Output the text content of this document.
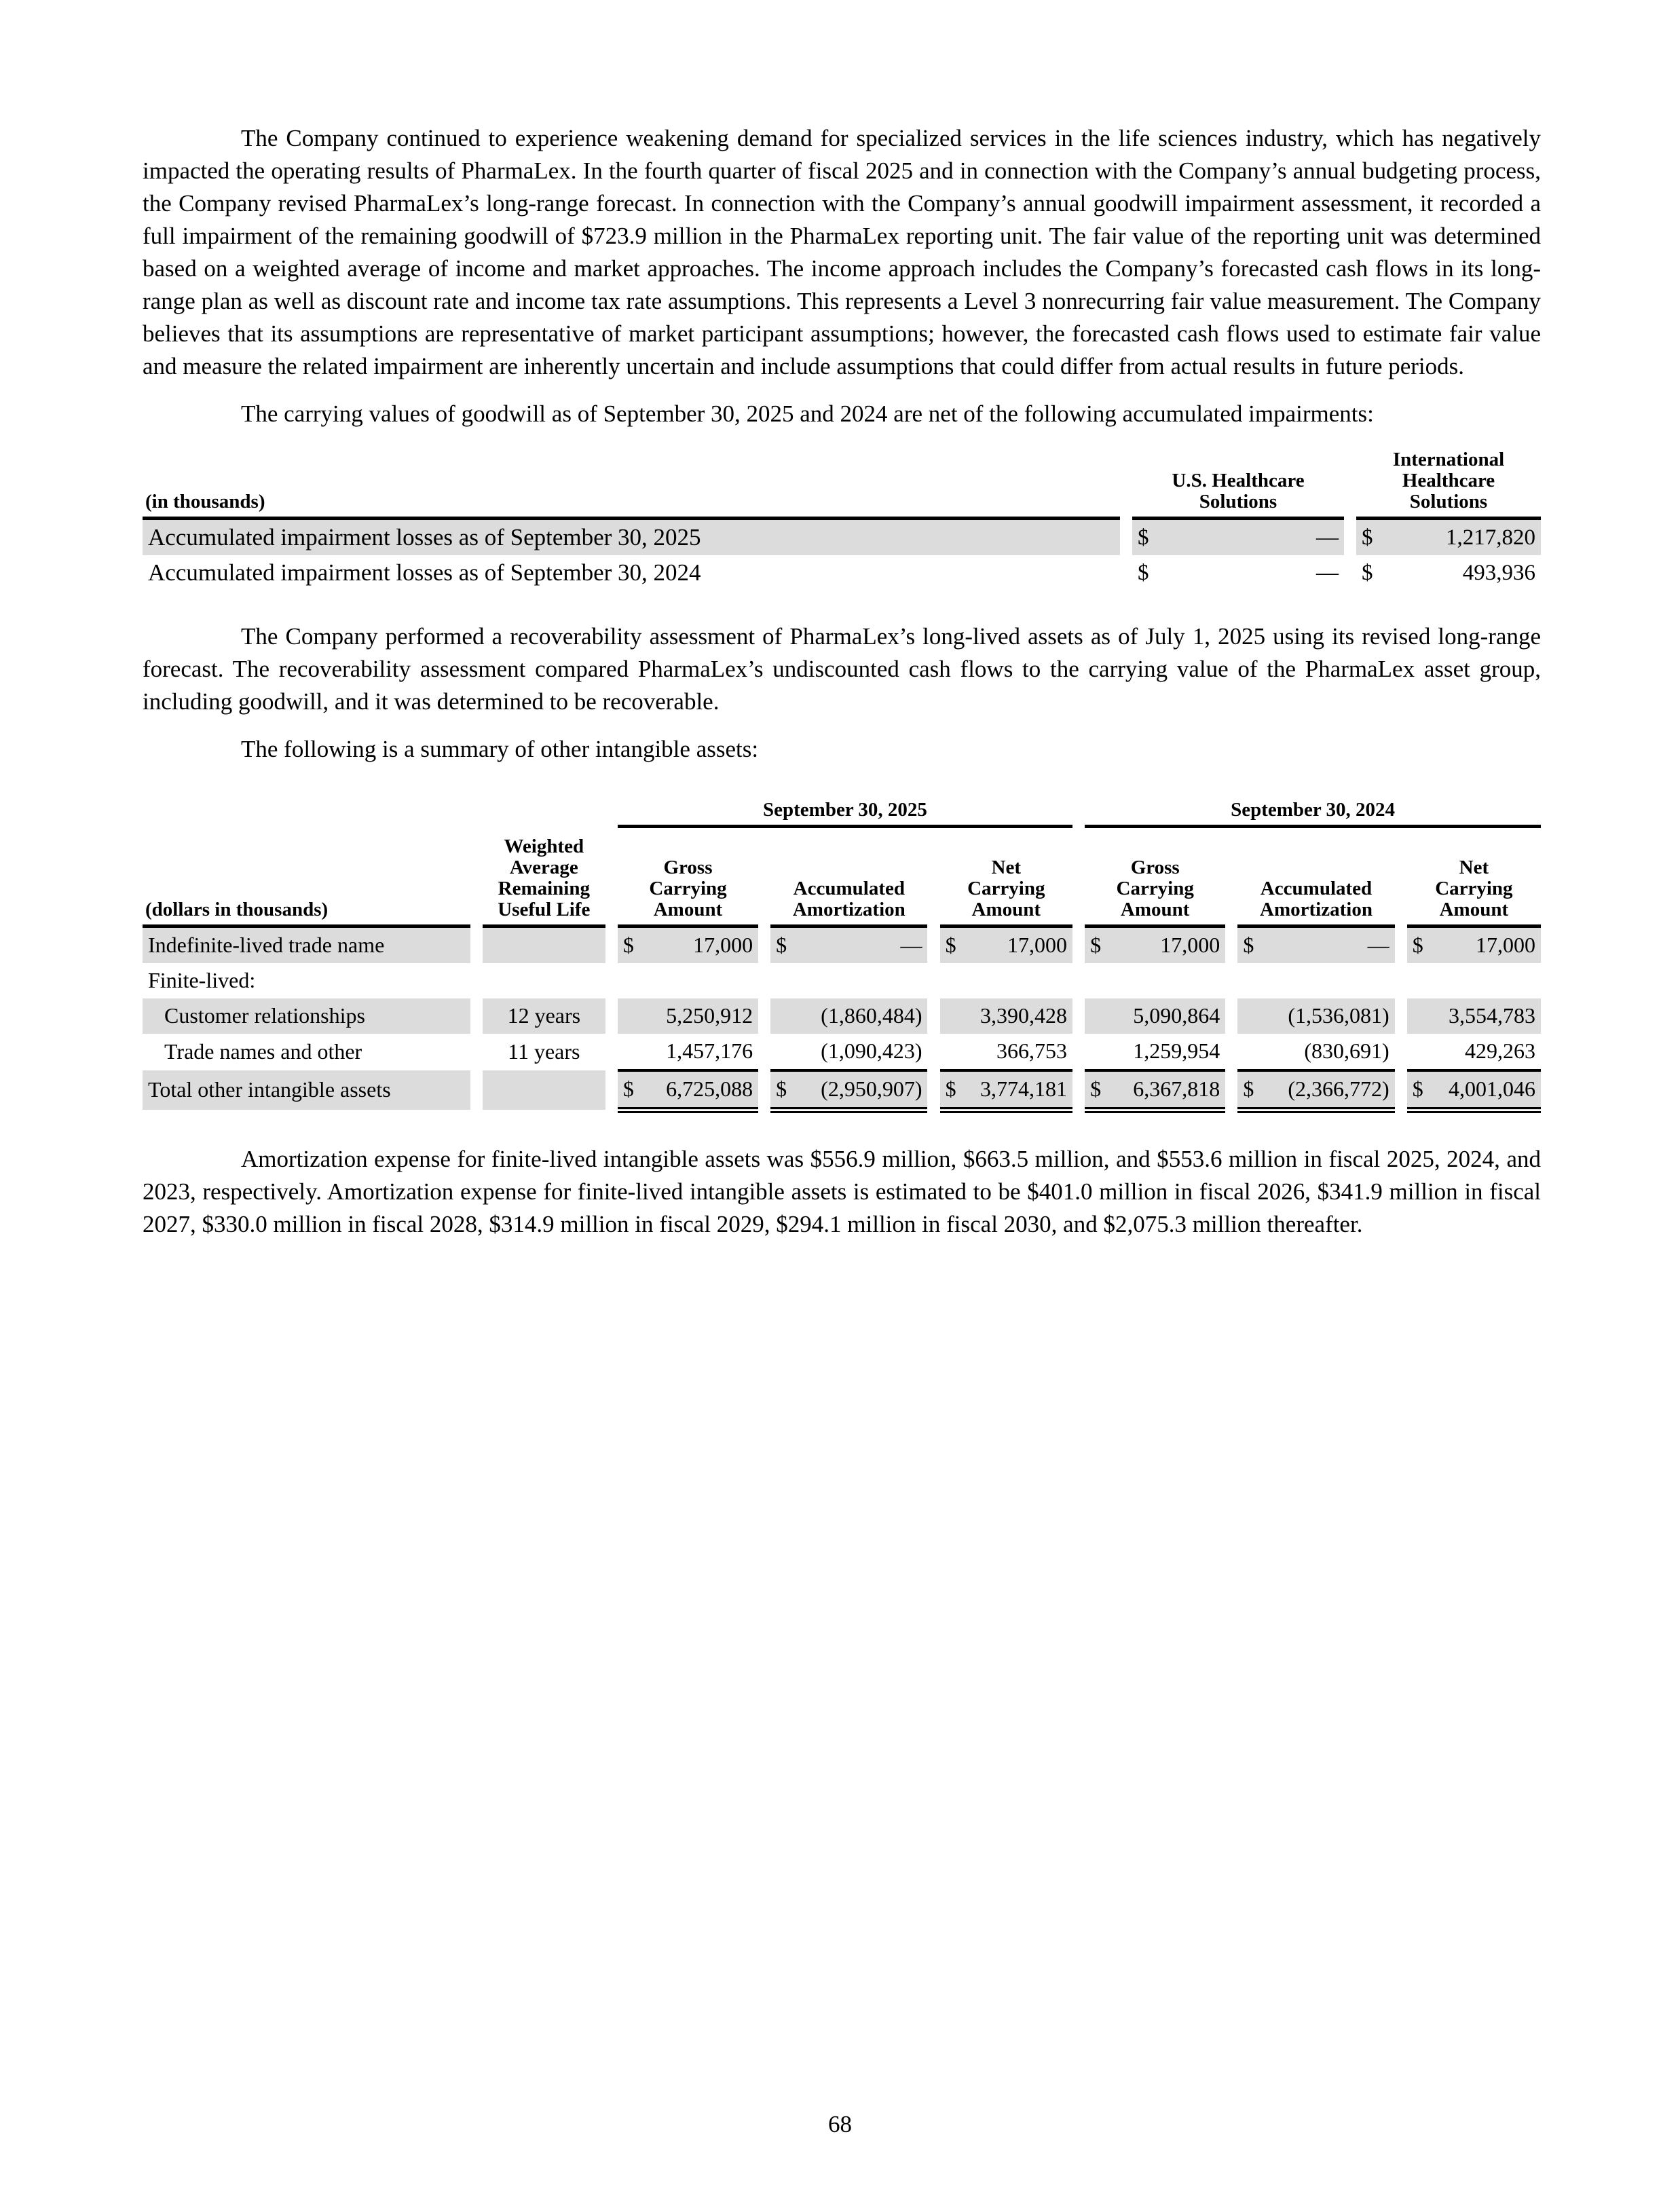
The Company continued to experience weakening demand for specialized services in the life sciences industry, which has negatively impacted the operating results of PharmaLex. In the fourth quarter of fiscal 2025 and in connection with the Company’s annual budgeting process, the Company revised PharmaLex’s long-range forecast. In connection with the Company’s annual goodwill impairment assessment, it recorded a full impairment of the remaining goodwill of $723.9 million in the PharmaLex reporting unit. The fair value of the reporting unit was determined based on a weighted average of income and market approaches. The income approach includes the Company’s forecasted cash flows in its long-range plan as well as discount rate and income tax rate assumptions. This represents a Level 3 nonrecurring fair value measurement. The Company believes that its assumptions are representative of market participant assumptions; however, the forecasted cash flows used to estimate fair value and measure the related impairment are inherently uncertain and include assumptions that could differ from actual results in future periods.

The carrying values of goodwill as of September 30, 2025 and 2024 are net of the following accumulated impairments:

(in thousands)		U.S. Healthcare Solutions			International Healthcare Solutions	
Accumulated impairment losses as of September 30, 2025		$	—		$	1,217,820
Accumulated impairment losses as of September 30, 2024		$	—		$	493,936

The Company performed a recoverability assessment of PharmaLex’s long-lived assets as of July 1, 2025 using its revised long-range forecast. The recoverability assessment compared PharmaLex’s undiscounted cash flows to the carrying value of the PharmaLex asset group, including goodwill, and it was determined to be recoverable.

The following is a summary of other intangible assets:

				September 30, 2025									September 30, 2024							
(dollars in thousands)		Weighted Average Remaining Useful Life		Gross Carrying Amount			Accumulated Amortization			Net Carrying Amount			Gross Carrying Amount			Accumulated Amortization			Net Carrying Amount	
Indefinite-lived trade name				$	17,000		$	—		$	17,000		$	17,000		$	—		$	17,000
Finite-lived:																				
Customer relationships		12 years			5,250,912			(1,860,484)			3,390,428			5,090,864			(1,536,081)			3,554,783
Trade names and other		11 years			1,457,176			(1,090,423)			366,753			1,259,954			(830,691)			429,263
Total other intangible assets				$	6,725,088		$	(2,950,907)		$	3,774,181		$	6,367,818		$	(2,366,772)		$	4,001,046

Amortization expense for finite-lived intangible assets was $556.9 million, $663.5 million, and $553.6 million in fiscal 2025, 2024, and 2023, respectively. Amortization expense for finite-lived intangible assets is estimated to be $401.0 million in fiscal 2026, $341.9 million in fiscal 2027, $330.0 million in fiscal 2028, $314.9 million in fiscal 2029, $294.1 million in fiscal 2030, and $2,075.3 million thereafter.

68
